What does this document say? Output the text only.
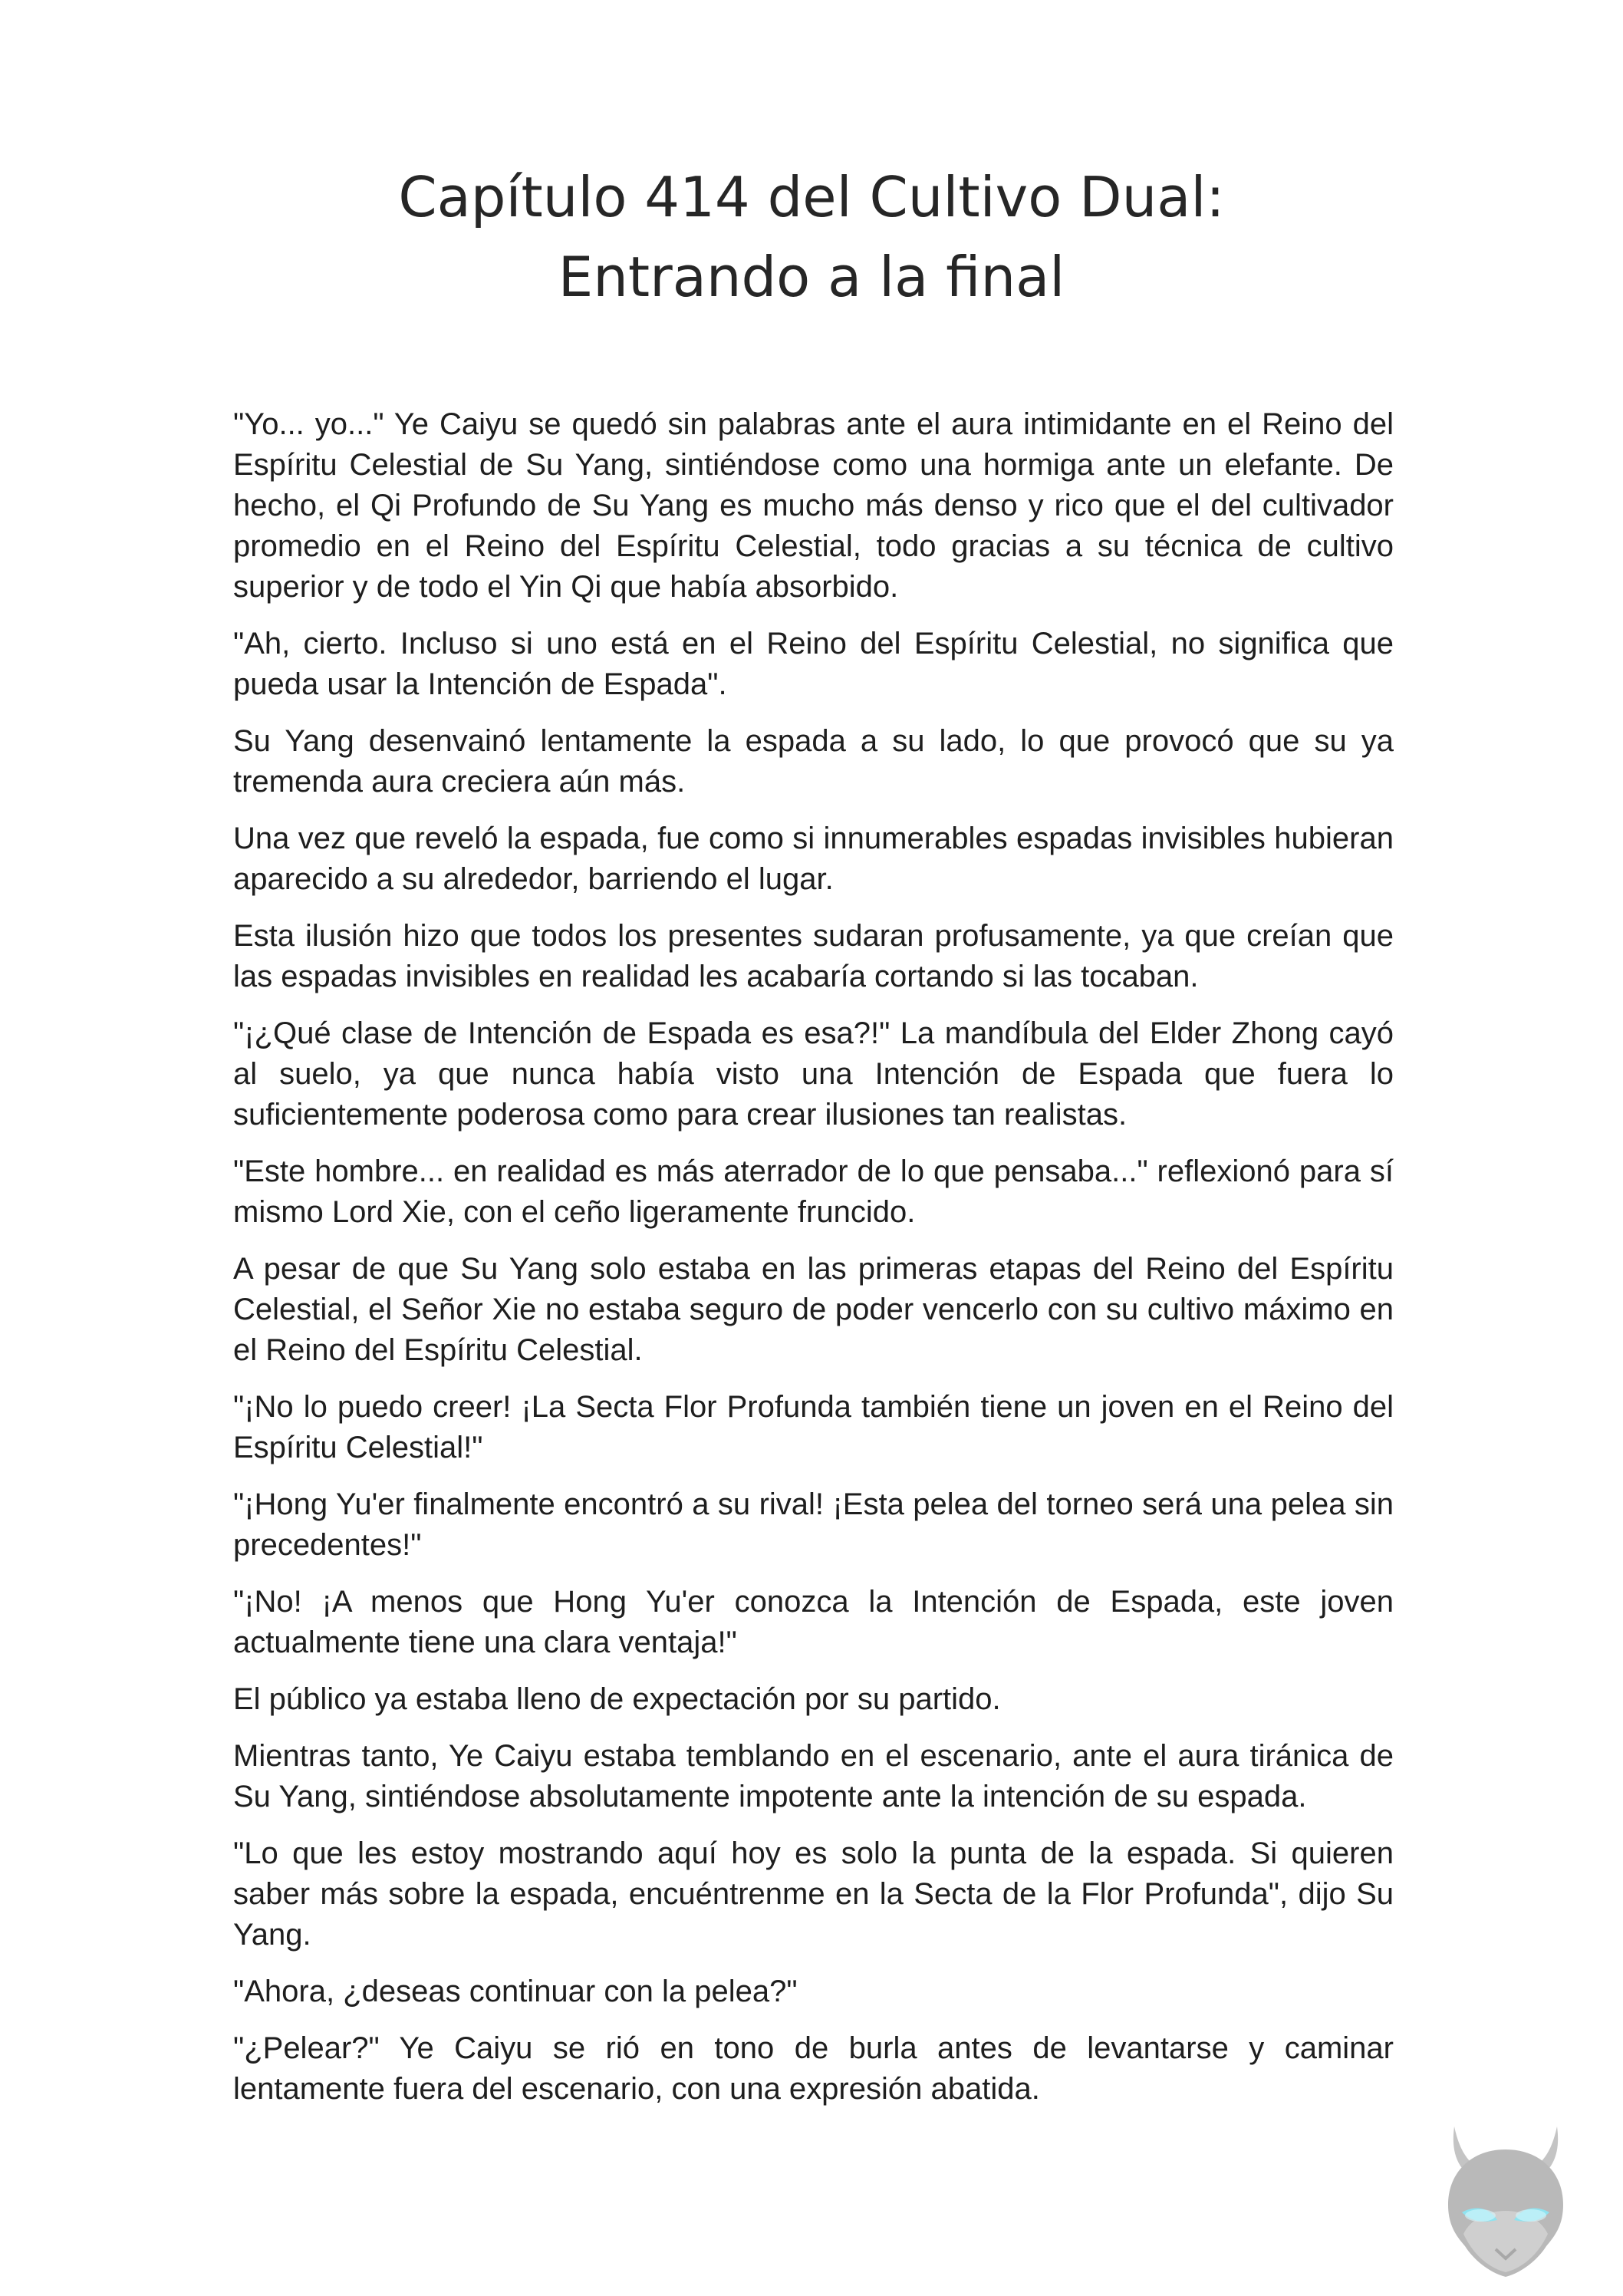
Capítulo 414 del Cultivo Dual:
Entrando a la final

"Yo... yo..." Ye Caiyu se quedó sin palabras ante el aura intimidante en el Reino del Espíritu Celestial de Su Yang, sintiéndose como una hormiga ante un elefante. De hecho, el Qi Profundo de Su Yang es mucho más denso y rico que el del cultivador promedio en el Reino del Espíritu Celestial, todo gracias a su técnica de cultivo superior y de todo el Yin Qi que había absorbido.

"Ah, cierto. Incluso si uno está en el Reino del Espíritu Celestial, no significa que pueda usar la Intención de Espada".

Su Yang desenvainó lentamente la espada a su lado, lo que provocó que su ya tremenda aura creciera aún más.

Una vez que reveló la espada, fue como si innumerables espadas invisibles hubieran aparecido a su alrededor, barriendo el lugar.

Esta ilusión hizo que todos los presentes sudaran profusamente, ya que creían que las espadas invisibles en realidad les acabaría cortando si las tocaban.

"¡¿Qué clase de Intención de Espada es esa?!" La mandíbula del Elder Zhong cayó al suelo, ya que nunca había visto una Intención de Espada que fuera lo suficientemente poderosa como para crear ilusiones tan realistas.

"Este hombre... en realidad es más aterrador de lo que pensaba..." reflexionó para sí mismo Lord Xie, con el ceño ligeramente fruncido.

A pesar de que Su Yang solo estaba en las primeras etapas del Reino del Espíritu Celestial, el Señor Xie no estaba seguro de poder vencerlo con su cultivo máximo en el Reino del Espíritu Celestial.

"¡No lo puedo creer! ¡La Secta Flor Profunda también tiene un joven en el Reino del Espíritu Celestial!"

"¡Hong Yu'er finalmente encontró a su rival! ¡Esta pelea del torneo será una pelea sin precedentes!"

"¡No! ¡A menos que Hong Yu'er conozca la Intención de Espada, este joven actualmente tiene una clara ventaja!"

El público ya estaba lleno de expectación por su partido.

Mientras tanto, Ye Caiyu estaba temblando en el escenario, ante el aura tiránica de Su Yang, sintiéndose absolutamente impotente ante la intención de su espada.

"Lo que les estoy mostrando aquí hoy es solo la punta de la espada. Si quieren saber más sobre la espada, encuéntrenme en la Secta de la Flor Profunda", dijo Su Yang.

"Ahora, ¿deseas continuar con la pelea?"

"¿Pelear?" Ye Caiyu se rió en tono de burla antes de levantarse y caminar lentamente fuera del escenario, con una expresión abatida.
